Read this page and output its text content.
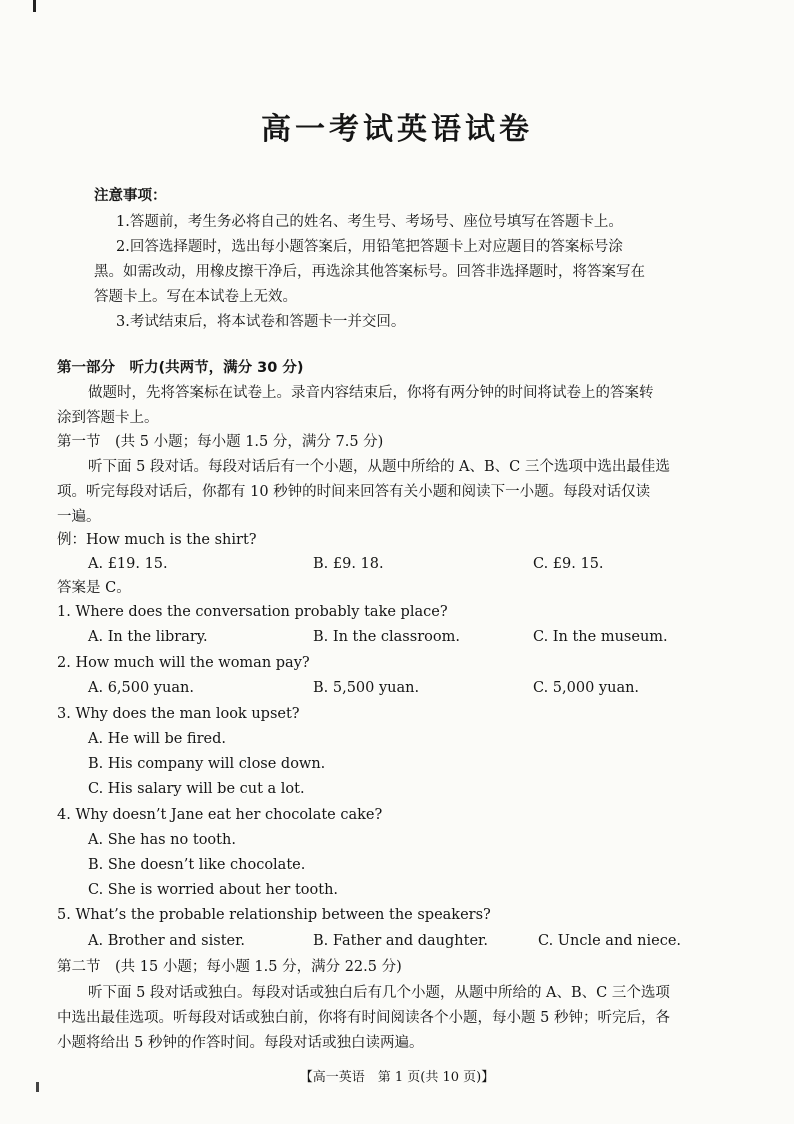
高一考试英语试卷
注意事项：
1.答题前，考生务必将自己的姓名、考生号、考场号、座位号填写在答题卡上。
2.回答选择题时，选出每小题答案后，用铅笔把答题卡上对应题目的答案标号涂
黑。如需改动，用橡皮擦干净后，再选涂其他答案标号。回答非选择题时，将答案写在
答题卡上。写在本试卷上无效。
3.考试结束后，将本试卷和答题卡一并交回。
第一部分　听力(共两节，满分 30 分)
做题时，先将答案标在试卷上。录音内容结束后，你将有两分钟的时间将试卷上的答案转
涂到答题卡上。
第一节　(共 5 小题；每小题 1.5 分，满分 7.5 分)
听下面 5 段对话。每段对话后有一个小题，从题中所给的 A、B、C 三个选项中选出最佳选
项。听完每段对话后，你都有 10 秒钟的时间来回答有关小题和阅读下一小题。每段对话仅读
一遍。
例：How much is the shirt?
A. £19. 15.	B. £9. 18.	C. £9. 15.
答案是 C。
1. Where does the conversation probably take place?
A. In the library.	B. In the classroom.	C. In the museum.
2. How much will the woman pay?
A. 6,500 yuan.	B. 5,500 yuan.	C. 5,000 yuan.
3. Why does the man look upset?
A. He will be fired.
B. His company will close down.
C. His salary will be cut a lot.
4. Why doesn’t Jane eat her chocolate cake?
A. She has no tooth.
B. She doesn’t like chocolate.
C. She is worried about her tooth.
5. What’s the probable relationship between the speakers?
A. Brother and sister.	B. Father and daughter.	C. Uncle and niece.
第二节　(共 15 小题；每小题 1.5 分，满分 22.5 分)
听下面 5 段对话或独白。每段对话或独白后有几个小题，从题中所给的 A、B、C 三个选项
中选出最佳选项。听每段对话或独白前，你将有时间阅读各个小题，每小题 5 秒钟；听完后，各
小题将给出 5 秒钟的作答时间。每段对话或独白读两遍。
【高一英语　第 1 页(共 10 页)】
